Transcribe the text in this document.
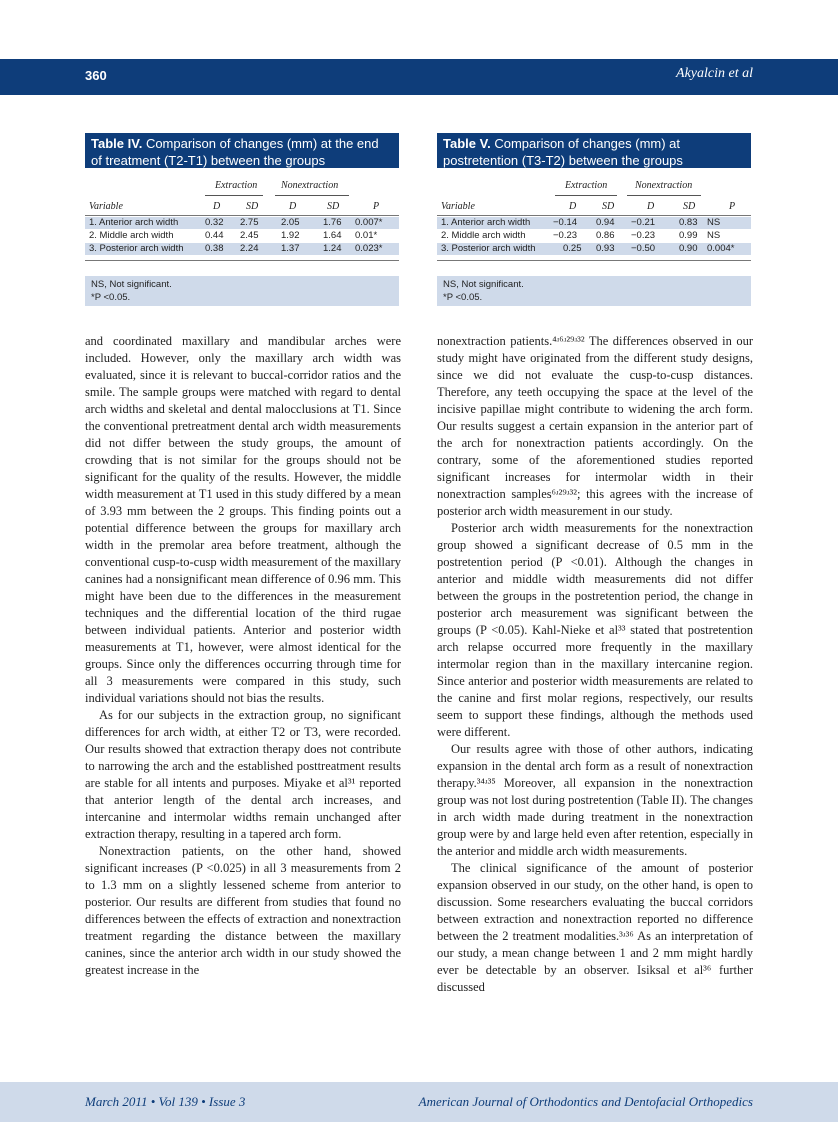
360	Akyalcin et al
Table IV. Comparison of changes (mm) at the end of treatment (T2-T1) between the groups
Extraction Nonextraction
Variable	D	SD	D	SD	P
1. Anterior arch width	0.32 2.75 2.05 1.76 0.007*
2. Middle arch width	0.44 2.45 1.92 1.64 0.01*
3. Posterior arch width 0.38 2.24 1.37 1.24 0.023*
NS, Not significant.
*P <0.05.
Table V. Comparison of changes (mm) at postretention (T3-T2) between the groups
Extraction	Nonextraction
Variable	D	SD	D	SD	P
1. Anterior arch width −0.14 0.94 −0.21	0.83 NS
2. Middle arch width	−0.23 0.86 −0.23	0.99 NS
3. Posterior arch width	0.25 0.93 −0.50	0.90 0.004*
NS, Not significant.
*P <0.05.

and coordinated maxillary and mandibular arches were included. However, only the maxillary arch width was evaluated, since it is relevant to buccal-corridor ratios and the smile. The sample groups were matched with regard to dental arch widths and skeletal and dental malocclusions at T1. Since the conventional pretreatment dental arch width measurements did not differ between the study groups, the amount of crowding that is not similar for the groups should not be significant for the quality of the results. However, the middle width measurement at T1 used in this study differed by a mean of 3.93 mm between the 2 groups. This finding points out a potential difference between the groups for maxillary arch width in the premolar area before treatment, although the conventional cusp-to-cusp width measurement of the maxillary canines had a nonsignificant mean difference of 0.96 mm. This might have been due to the differences in the measurement techniques and the differential location of the third rugae between individual patients. Anterior and posterior width measurements at T1, however, were almost identical for the groups. Since only the differences occurring through time for all 3 measurements were compared in this study, such individual variations should not bias the results.

As for our subjects in the extraction group, no significant differences for arch width, at either T2 or T3, were recorded. Our results showed that extraction therapy does not contribute to narrowing the arch and the established posttreatment results are stable for all intents and purposes. Miyake et al³¹ reported that anterior length of the dental arch increases, and intercanine and intermolar widths remain unchanged after extraction therapy, resulting in a tapered arch form.

Nonextraction patients, on the other hand, showed significant increases (P <0.025) in all 3 measurements from 2 to 1.3 mm on a slightly lessened scheme from anterior to posterior. Our results are different from studies that found no differences between the effects of extraction and nonextraction treatment regarding the distance between the maxillary canines, since the anterior arch width in our study showed the greatest increase in the

nonextraction patients.⁴ʴ⁶ʴ²⁹ʴ³² The differences observed in our study might have originated from the different study designs, since we did not evaluate the cusp-to-cusp distances. Therefore, any teeth occupying the space at the level of the incisive papillae might contribute to widening the arch form. Our results suggest a certain expansion in the anterior part of the arch for nonextraction patients accordingly. On the contrary, some of the aforementioned studies reported significant increases for intermolar width in their nonextraction samples⁶ʴ²⁹ʴ³²; this agrees with the increase of posterior arch width measurement in our study.

Posterior arch width measurements for the nonextraction group showed a significant decrease of 0.5 mm in the postretention period (P <0.01). Although the changes in anterior and middle width measurements did not differ between the groups in the postretention period, the change in posterior arch measurement was significant between the groups (P <0.05). Kahl-Nieke et al³³ stated that postretention arch relapse occurred more frequently in the maxillary intermolar region than in the maxillary intercanine region. Since anterior and posterior width measurements are related to the canine and first molar regions, respectively, our results seem to support these findings, although the methods used were different.

Our results agree with those of other authors, indicating expansion in the dental arch form as a result of nonextraction therapy.³⁴ʴ³⁵ Moreover, all expansion in the nonextraction group was not lost during postretention (Table II). The changes in arch width made during treatment in the nonextraction group were by and large held even after retention, especially in the anterior and middle arch width measurements.

The clinical significance of the amount of posterior expansion observed in our study, on the other hand, is open to discussion. Some researchers evaluating the buccal corridors between extraction and nonextraction reported no difference between the 2 treatment modalities.³ʴ³⁶ As an interpretation of our study, a mean change between 1 and 2 mm might hardly ever be detectable by an observer. Isiksal et al³⁶ further discussed

March 2011 • Vol 139 • Issue 3	American Journal of Orthodontics and Dentofacial Orthopedics
